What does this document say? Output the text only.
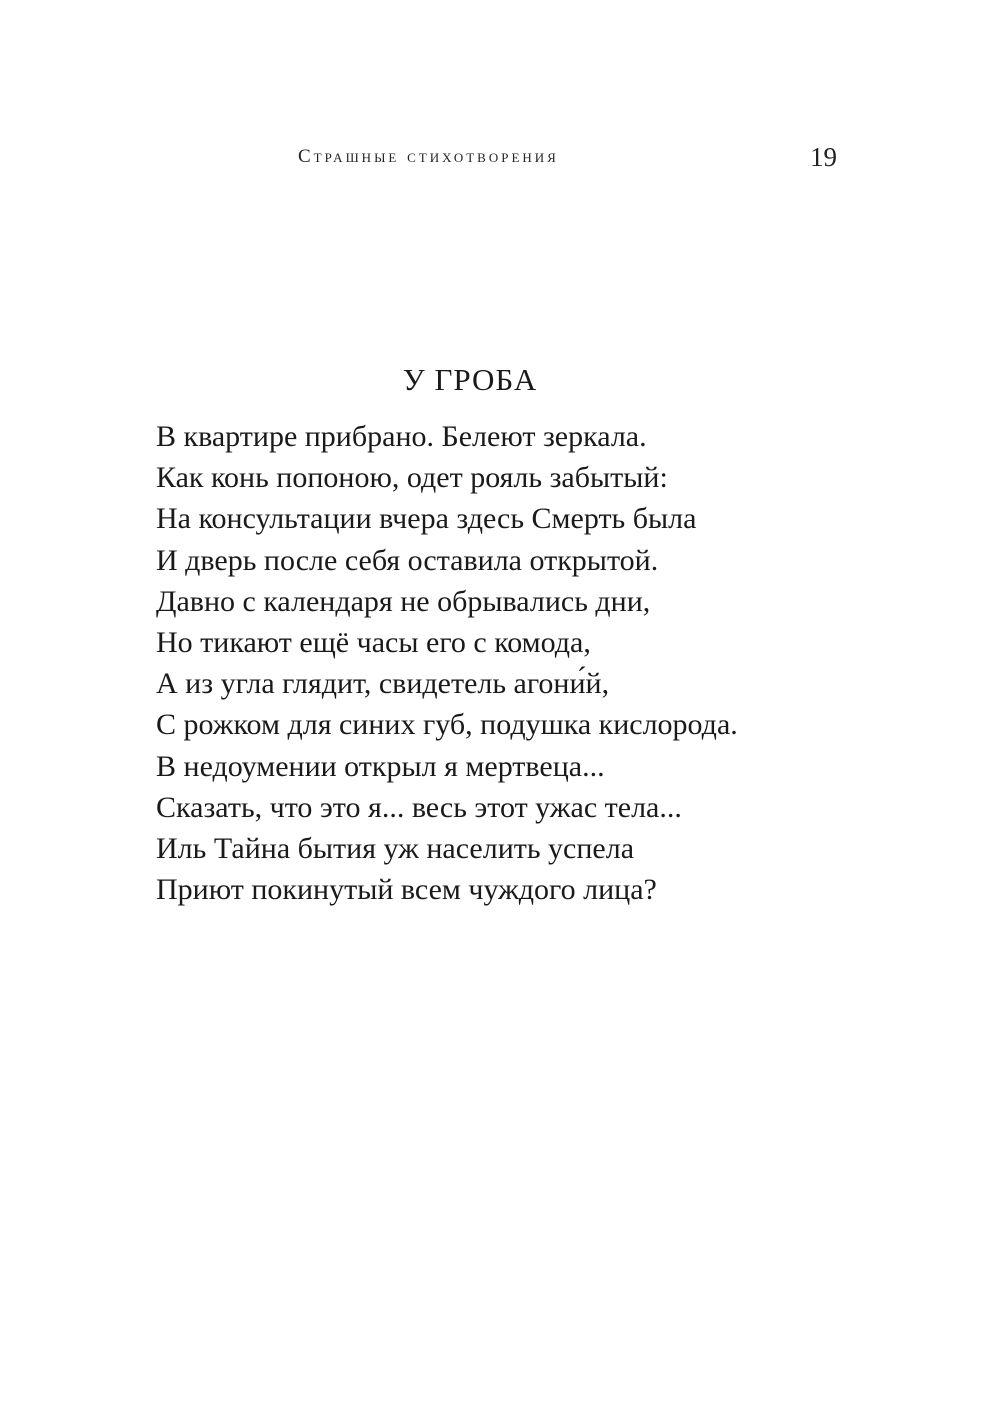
Страшные стихотворения	19
У ГРОБА
В квартире прибрано. Белеют зеркала.
Как конь попоною, одет рояль забытый:
На консультации вчера здесь Смерть была
И дверь после себя оставила открытой.
Давно с календаря не обрывались дни,
Но тикают ещё часы его с комода,
А из угла глядит, свидетель агони́й,
С рожком для синих губ, подушка кислорода.
В недоумении открыл я мертвеца...
Сказать, что это я... весь этот ужас тела...
Иль Тайна бытия уж населить успела
Приют покинутый всем чуждого лица?
